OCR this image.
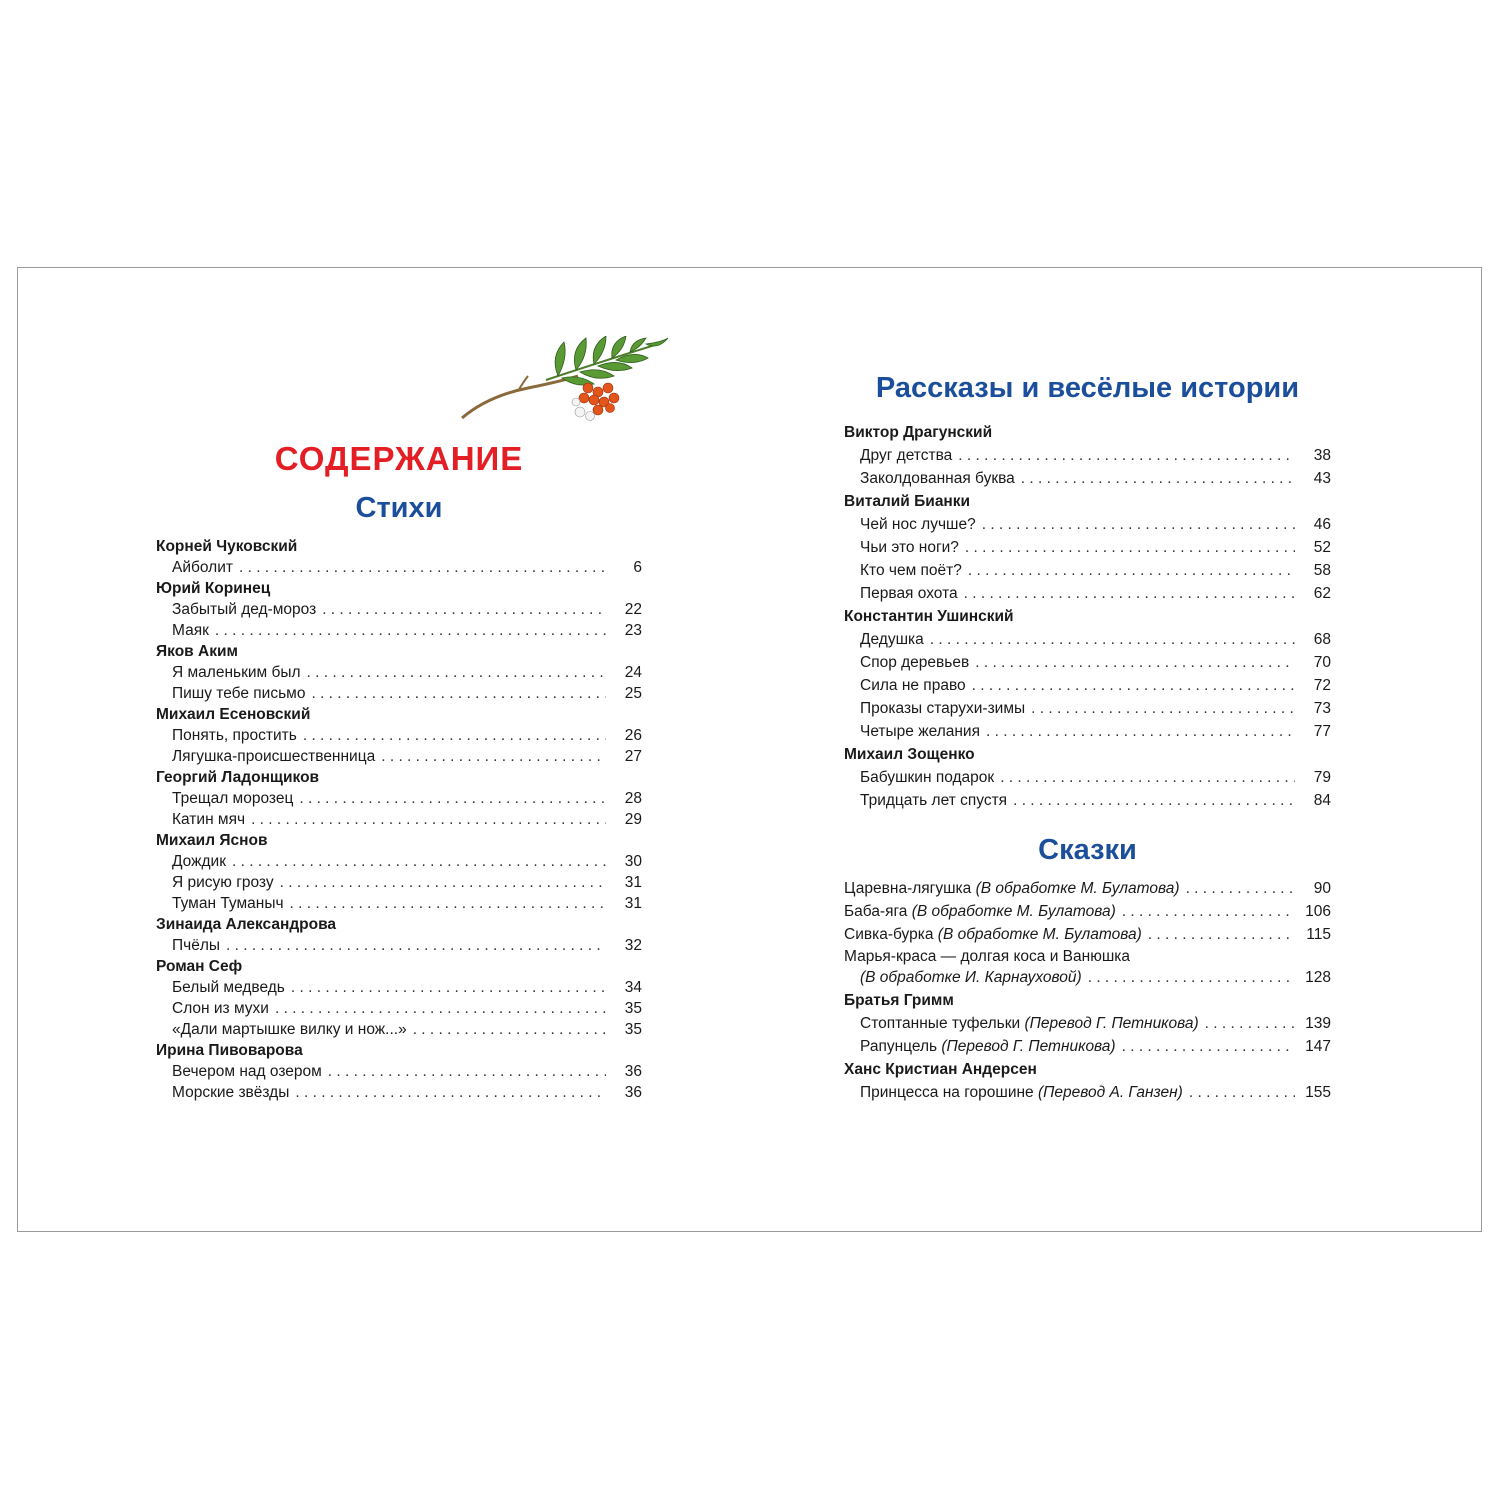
СОДЕРЖАНИЕ
Стихи
Корней Чуковский
Айболит . . .	6
Юрий Коринец
Забытый дед-мороз . . .	22
Маяк . . .	23
Яков Аким
Я маленьким был . . .	24
Пишу тебе письмо . . .	25
Михаил Есеновский
Понять, простить . . .	26
Лягушка-происшественница . . .	27
Георгий Ладонщиков
Трещал морозец . . .	28
Катин мяч . . .	29
Михаил Яснов
Дождик . . .	30
Я рисую грозу . . .	31
Туман Туманыч . . .	31
Зинаида Александрова
Пчёлы . . .	32
Роман Сеф
Белый медведь . . .	34
Слон из мухи . . .	35
«Дали мартышке вилку и нож...» . . .	35
Ирина Пивоварова
Вечером над озером . . .	36
Морские звёзды . . .	36
Рассказы и весёлые истории
Виктор Драгунский
Друг детства . . .	38
Заколдованная буква . . .	43
Виталий Бианки
Чей нос лучше? . . .	46
Чьи это ноги? . . .	52
Кто чем поёт? . . .	58
Первая охота . . .	62
Константин Ушинский
Дедушка . . .	68
Спор деревьев . . .	70
Сила не право . . .	72
Проказы старухи-зимы . . .	73
Четыре желания . . .	77
Михаил Зощенко
Бабушкин подарок . . .	79
Тридцать лет спустя . . .	84
Сказки
Царевна-лягушка (В обработке М. Булатова) . . .	90
Баба-яга (В обработке М. Булатова) . . .	106
Сивка-бурка (В обработке М. Булатова) . . .	115
Марья-краса — долгая коса и Ванюшка
(В обработке И. Карнауховой) . . .	128
Братья Гримм
Стоптанные туфельки (Перевод Г. Петникова) . . .	139
Рапунцель (Перевод Г. Петникова) . . .	147
Ханс Кристиан Андерсен
Принцесса на горошине (Перевод А. Ганзен) . . .	155
